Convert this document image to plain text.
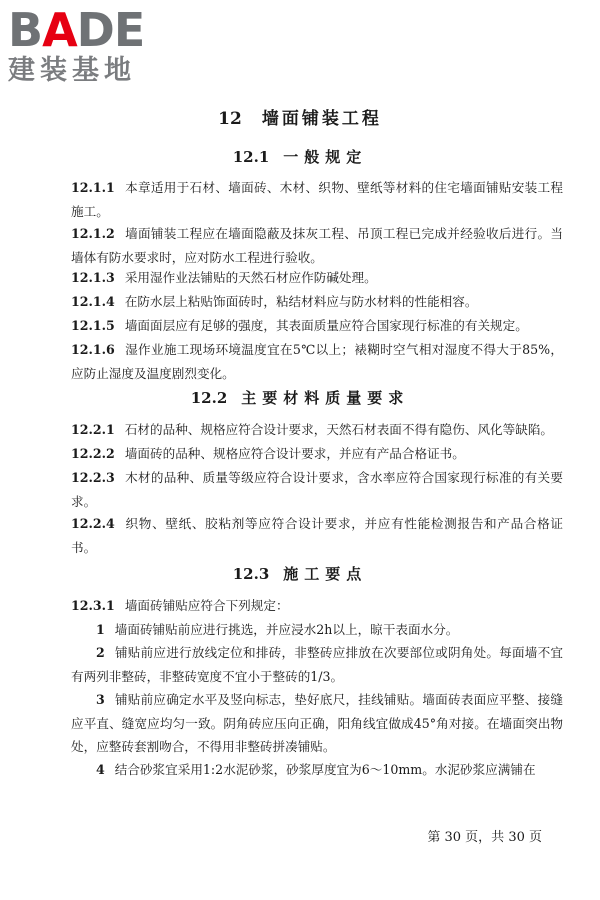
BADE
建装基地
12 墙面铺装工程
12.1 一般规定
12.1.1 本章适用于石材、墙面砖、木材、织物、壁纸等材料的住宅墙面铺贴安装工程施工。
12.1.2 墙面铺装工程应在墙面隐蔽及抹灰工程、吊顶工程已完成并经验收后进行。当墙体有防水要求时，应对防水工程进行验收。
12.1.3 采用湿作业法铺贴的天然石材应作防碱处理。
12.1.4 在防水层上粘贴饰面砖时，粘结材料应与防水材料的性能相容。
12.1.5 墙面面层应有足够的强度，其表面质量应符合国家现行标准的有关规定。
12.1.6 湿作业施工现场环境温度宜在5℃以上；裱糊时空气相对湿度不得大于85%，应防止湿度及温度剧烈变化。
12.2 主要材料质量要求
12.2.1 石材的品种、规格应符合设计要求，天然石材表面不得有隐伤、风化等缺陷。
12.2.2 墙面砖的品种、规格应符合设计要求，并应有产品合格证书。
12.2.3 木材的品种、质量等级应符合设计要求，含水率应符合国家现行标准的有关要求。
12.2.4 织物、壁纸、胶粘剂等应符合设计要求，并应有性能检测报告和产品合格证书。
12.3 施工要点
12.3.1 墙面砖铺贴应符合下列规定：
1 墙面砖铺贴前应进行挑选，并应浸水2h以上，晾干表面水分。
2 铺贴前应进行放线定位和排砖，非整砖应排放在次要部位或阴角处。每面墙不宜有两列非整砖，非整砖宽度不宜小于整砖的1/3。
3 铺贴前应确定水平及竖向标志，垫好底尺，挂线铺贴。墙面砖表面应平整、接缝应平直、缝宽应均匀一致。阴角砖应压向正确，阳角线宜做成45°角对接。在墙面突出物处，应整砖套割吻合，不得用非整砖拼凑铺贴。
4 结合砂浆宜采用1:2水泥砂浆，砂浆厚度宜为6～10mm。水泥砂浆应满铺在
第 30 页，共 30 页
